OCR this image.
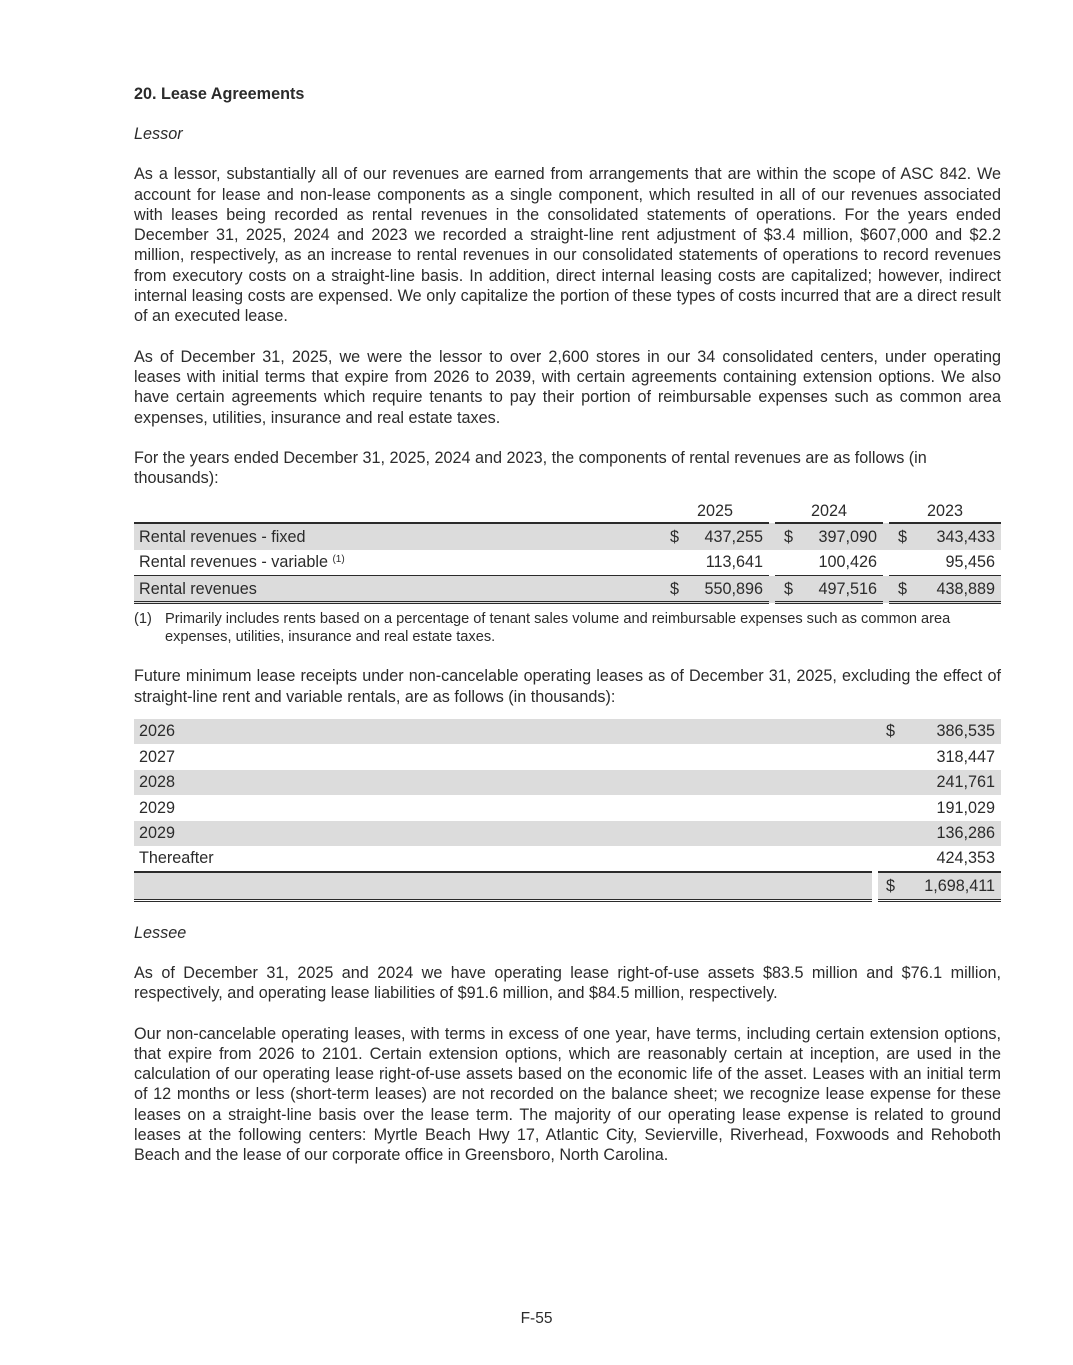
20. Lease Agreements
Lessor

As a lessor, substantially all of our revenues are earned from arrangements that are within the scope of ASC 842. We account for lease and non-lease components as a single component, which resulted in all of our revenues associated with leases being recorded as rental revenues in the consolidated statements of operations. For the years ended December 31, 2025, 2024 and 2023 we recorded a straight-line rent adjustment of $3.4 million, $607,000 and $2.2 million, respectively, as an increase to rental revenues in our consolidated statements of operations to record revenues from executory costs on a straight-line basis. In addition, direct internal leasing costs are capitalized; however, indirect internal leasing costs are expensed. We only capitalize the portion of these types of costs incurred that are a direct result of an executed lease.

As of December 31, 2025, we were the lessor to over 2,600 stores in our 34 consolidated centers, under operating leases with initial terms that expire from 2026 to 2039, with certain agreements containing extension options. We also have certain agreements which require tenants to pay their portion of reimbursable expenses such as common area expenses, utilities, insurance and real estate taxes.

For the years ended December 31, 2025, 2024 and 2023, the components of rental revenues are as follows (in thousands):

	2025			2024			2023	
Rental revenues - fixed	$	437,255		$	397,090		$	343,433
Rental revenues - variable $^{(1)}$		113,641			100,426			95,456
Rental revenues	$	550,896		$	497,516		$	438,889
(1) Primarily includes rents based on a percentage of tenant sales volume and reimbursable expenses such as common area expenses, utilities, insurance and real estate taxes.

Future minimum lease receipts under non-cancelable operating leases as of December 31, 2025, excluding the effect of straight-line rent and variable rentals, are as follows (in thousands):

2026		$	386,535
2027			318,447
2028			241,761
2029			191,029
2029			136,286
Thereafter			424,353
		$	1,698,411
Lessee

As of December 31, 2025 and 2024 we have operating lease right-of-use assets $83.5 million and $76.1 million, respectively, and operating lease liabilities of $91.6 million, and $84.5 million, respectively.

Our non-cancelable operating leases, with terms in excess of one year, have terms, including certain extension options, that expire from 2026 to 2101. Certain extension options, which are reasonably certain at inception, are used in the calculation of our operating lease right-of-use assets based on the economic life of the asset. Leases with an initial term of 12 months or less (short-term leases) are not recorded on the balance sheet; we recognize lease expense for these leases on a straight-line basis over the lease term. The majority of our operating lease expense is related to ground leases at the following centers: Myrtle Beach Hwy 17, Atlantic City, Sevierville, Riverhead, Foxwoods and Rehoboth Beach and the lease of our corporate office in Greensboro, North Carolina.

F-55
